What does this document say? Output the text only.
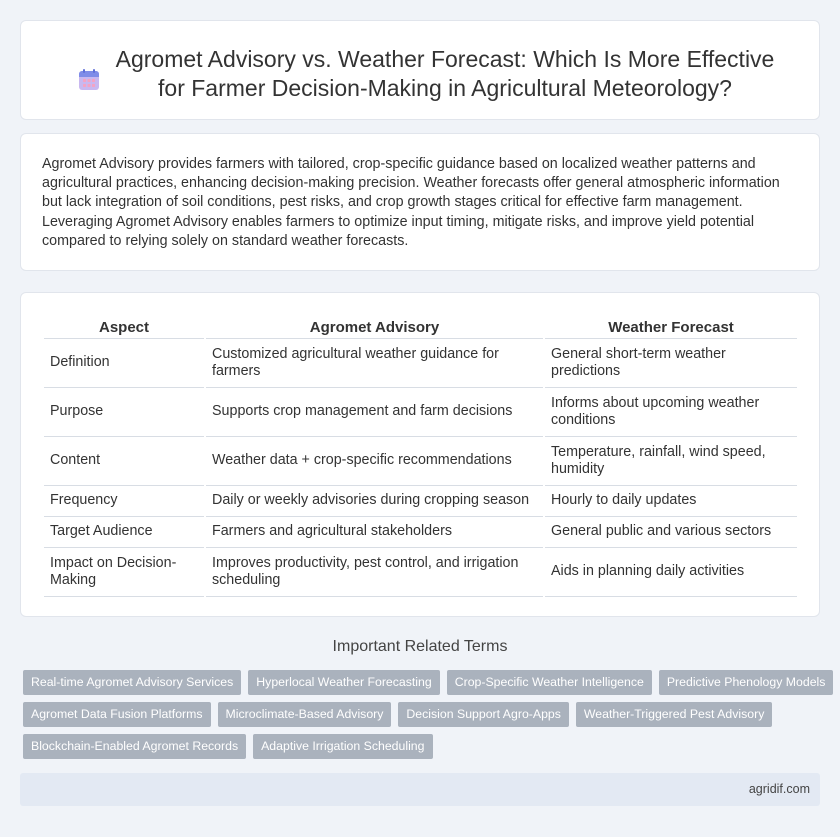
Agromet Advisory vs. Weather Forecast: Which Is More Effective for Farmer Decision-Making in Agricultural Meteorology?

Agromet Advisory provides farmers with tailored, crop-specific guidance based on localized weather patterns and agricultural practices, enhancing decision-making precision. Weather forecasts offer general atmospheric information but lack integration of soil conditions, pest risks, and crop growth stages critical for effective farm management. Leveraging Agromet Advisory enables farmers to optimize input timing, mitigate risks, and improve yield potential compared to relying solely on standard weather forecasts.

Aspect	Agromet Advisory	Weather Forecast
Definition	Customized agricultural weather guidance for farmers	General short-term weather predictions
Purpose	Supports crop management and farm decisions	Informs about upcoming weather conditions
Content	Weather data + crop-specific recommendations	Temperature, rainfall, wind speed, humidity
Frequency	Daily or weekly advisories during cropping season	Hourly to daily updates
Target Audience	Farmers and agricultural stakeholders	General public and various sectors
Impact on Decision-Making	Improves productivity, pest control, and irrigation scheduling	Aids in planning daily activities
Important Related Terms
Real-time Agromet Advisory Services	Hyperlocal Weather Forecasting	Crop-Specific Weather Intelligence	Predictive Phenology Models
Agromet Data Fusion Platforms	Microclimate-Based Advisory	Decision Support Agro-Apps	Weather-Triggered Pest Advisory
Blockchain-Enabled Agromet Records	Adaptive Irrigation Scheduling
agridif.com
